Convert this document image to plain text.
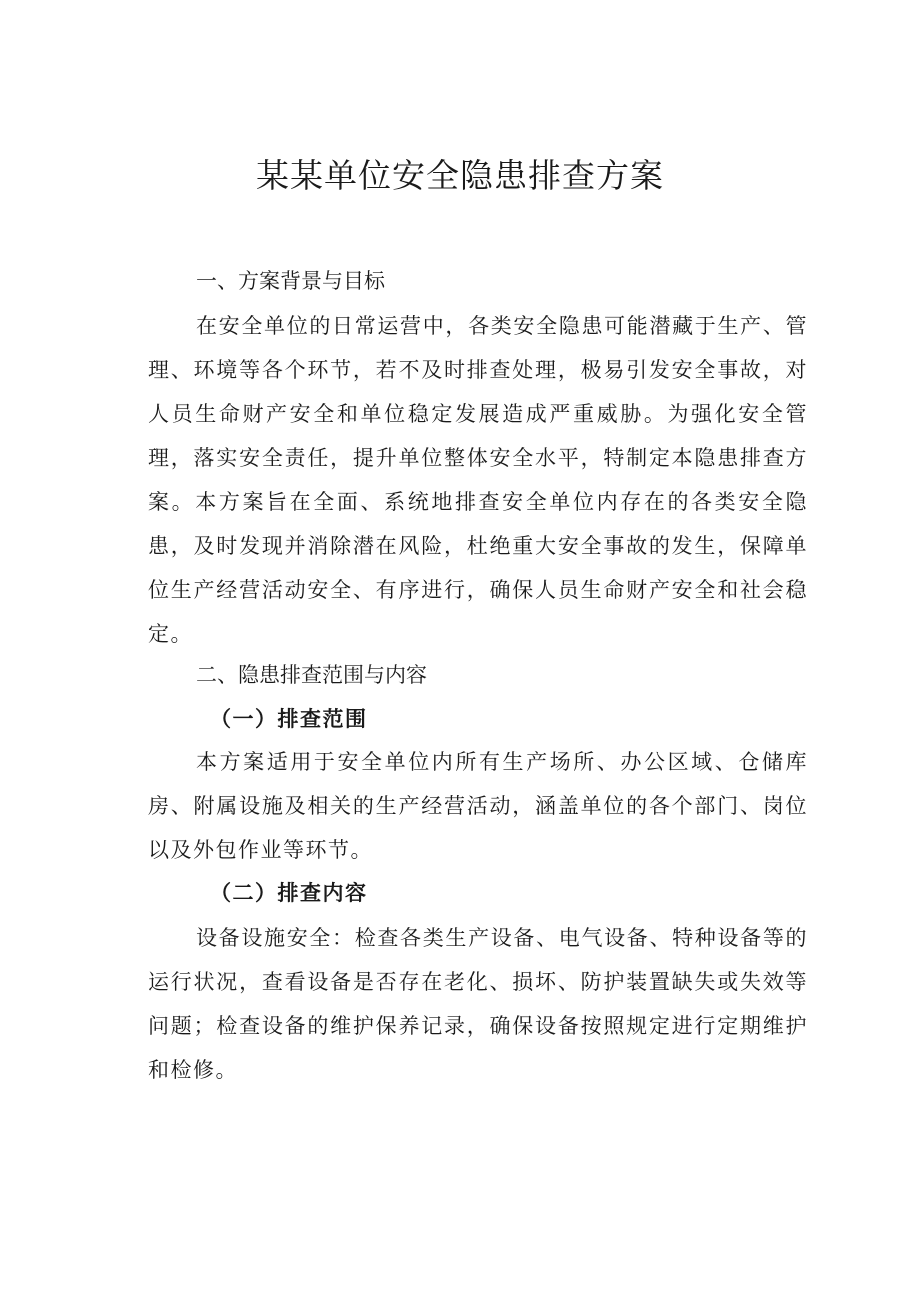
某某单位安全隐患排查方案
一、方案背景与目标

在安全单位的日常运营中，各类安全隐患可能潜藏于生产、管理、环境等各个环节，若不及时排查处理，极易引发安全事故，对人员生命财产安全和单位稳定发展造成严重威胁。为强化安全管理，落实安全责任，提升单位整体安全水平，特制定本隐患排查方案。本方案旨在全面、系统地排查安全单位内存在的各类安全隐患，及时发现并消除潜在风险，杜绝重大安全事故的发生，保障单位生产经营活动安全、有序进行，确保人员生命财产安全和社会稳定。

二、隐患排查范围与内容
（一）排查范围

本方案适用于安全单位内所有生产场所、办公区域、仓储库房、附属设施及相关的生产经营活动，涵盖单位的各个部门、岗位以及外包作业等环节。

（二）排查内容

设备设施安全：检查各类生产设备、电气设备、特种设备等的运行状况，查看设备是否存在老化、损坏、防护装置缺失或失效等问题；检查设备的维护保养记录，确保设备按照规定进行定期维护和检修。
